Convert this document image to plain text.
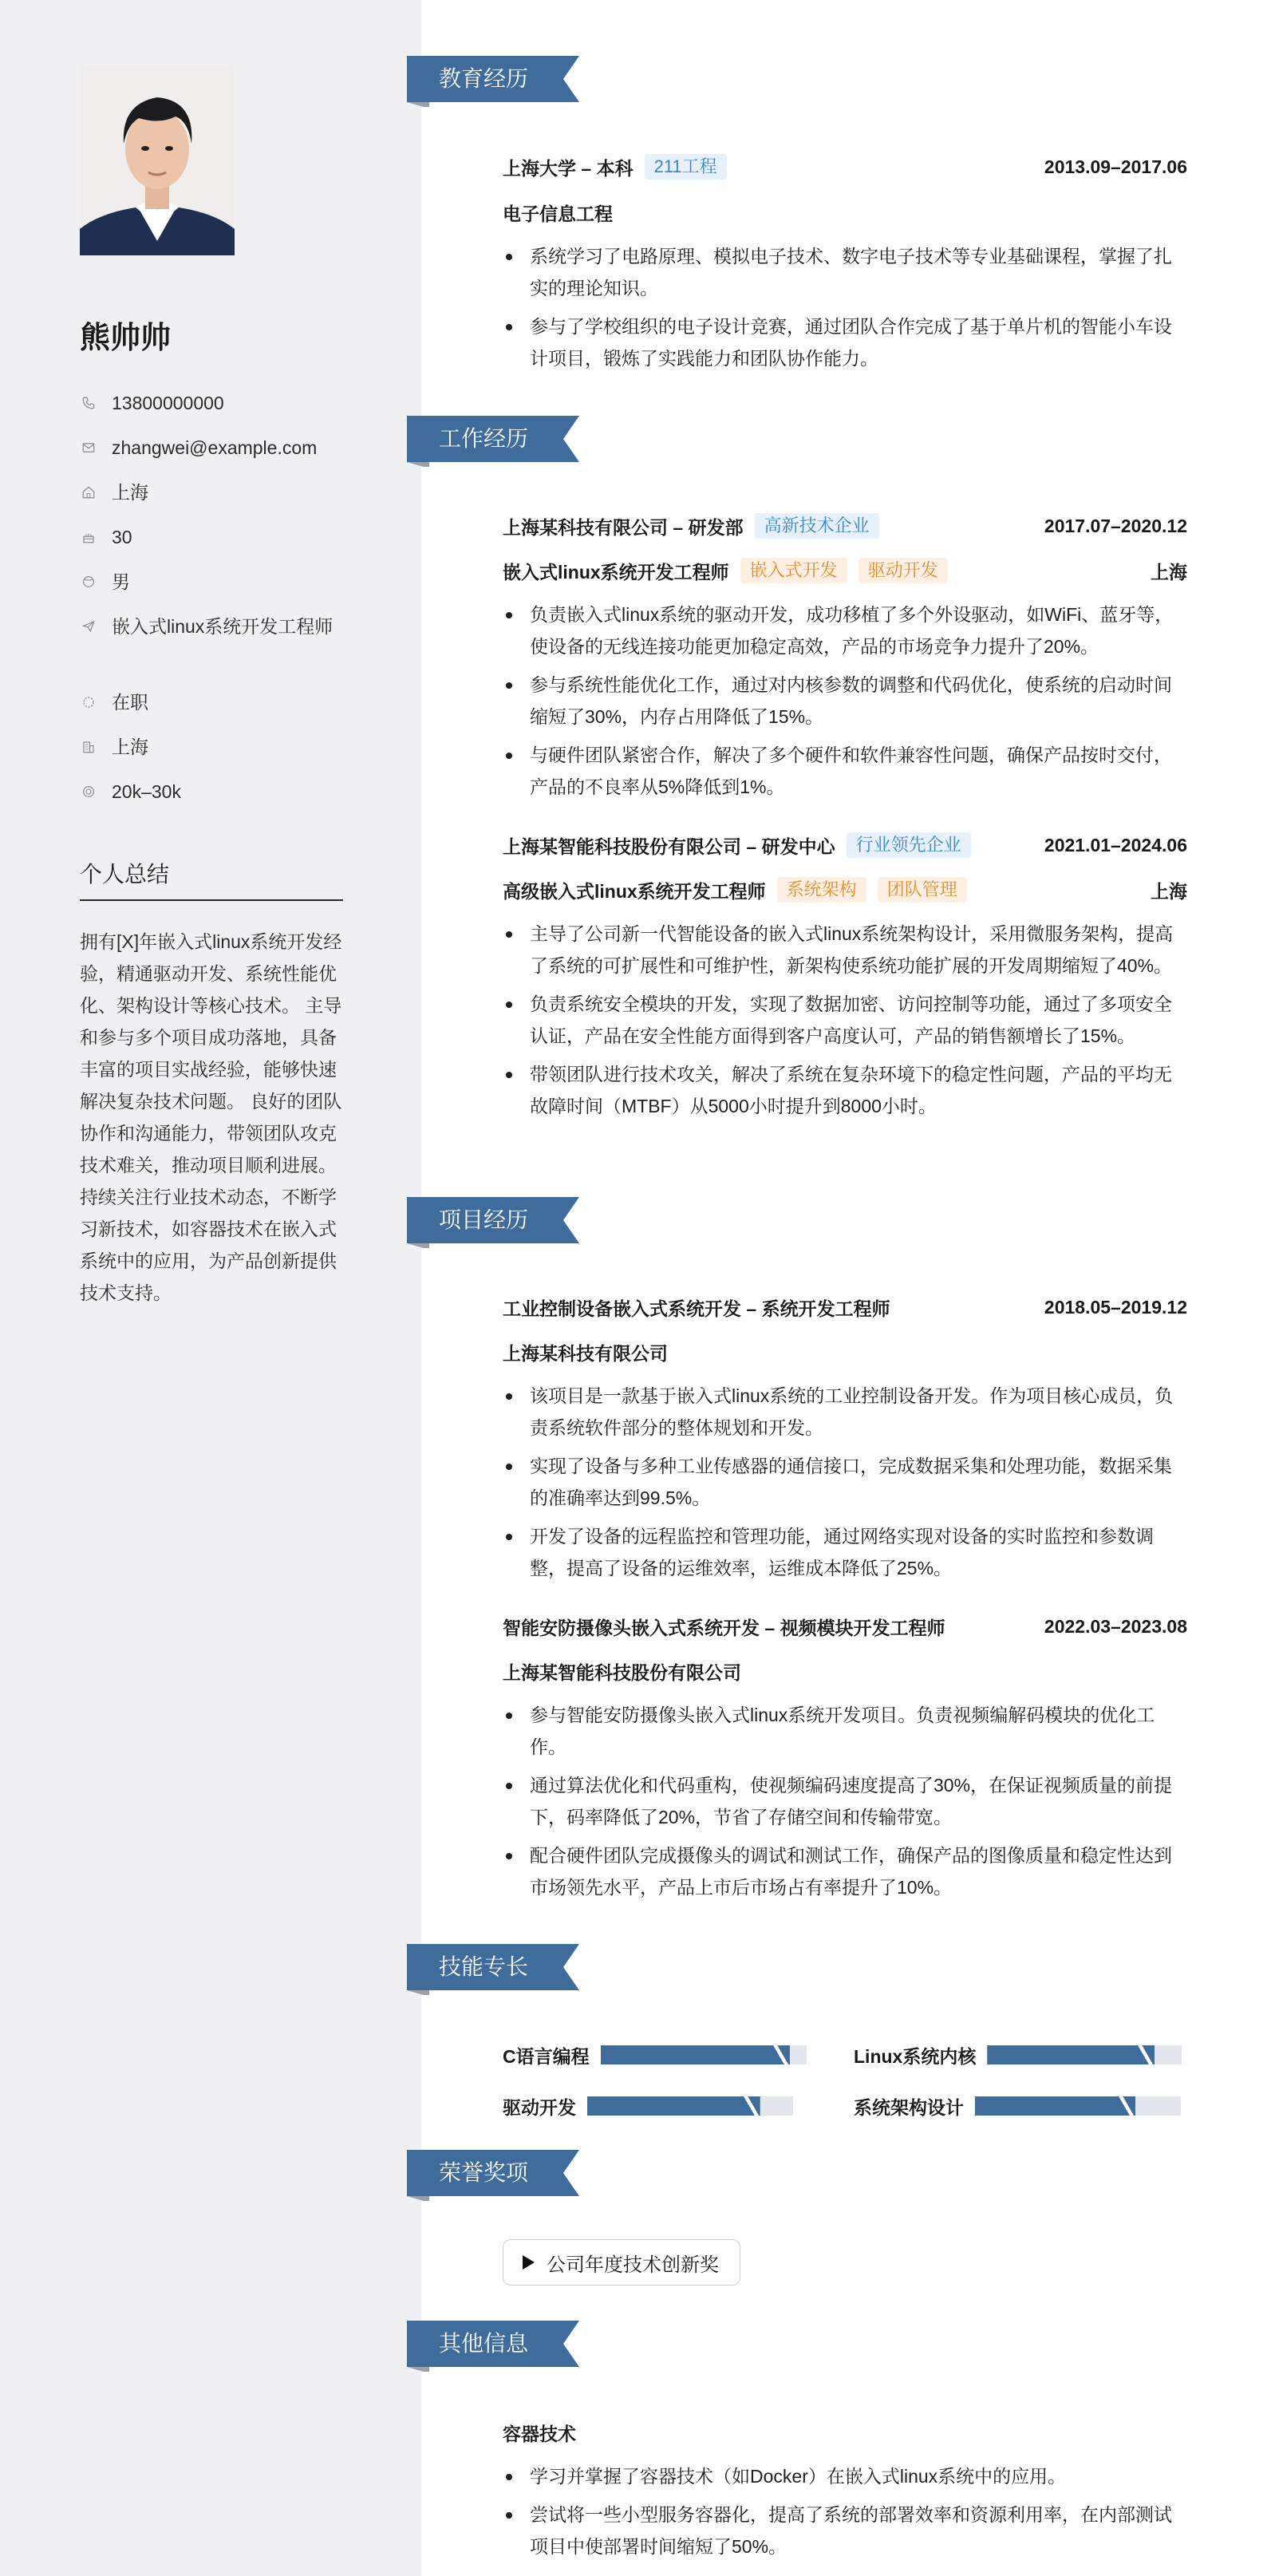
熊帅帅
13800000000
zhangwei@example.com
上海
30
男
嵌入式linux系统开发工程师
在职
上海
20k–30k
个人总结
拥有[X]年嵌入式linux系统开发经验，精通驱动开发、系统性能优化、架构设计等核心技术。 主导和参与多个项目成功落地，具备丰富的项目实战经验，能够快速解决复杂技术问题。 良好的团队协作和沟通能力，带领团队攻克技术难关，推动项目顺利进展。 持续关注行业技术动态，不断学习新技术，如容器技术在嵌入式系统中的应用，为产品创新提供技术支持。
教育经历
工作经历
项目经历
技能专长
荣誉奖项
其他信息
上海大学 – 本科	211工程	2013.09–2017.06
电子信息工程
系统学习了电路原理、模拟电子技术、数字电子技术等专业基础课程，掌握了扎实的理论知识。
参与了学校组织的电子设计竞赛，通过团队合作完成了基于单片机的智能小车设计项目，锻炼了实践能力和团队协作能力。
上海某科技有限公司 – 研发部	高新技术企业	2017.07–2020.12
嵌入式linux系统开发工程师	嵌入式开发	驱动开发	上海
负责嵌入式linux系统的驱动开发，成功移植了多个外设驱动，如WiFi、蓝牙等，使设备的无线连接功能更加稳定高效，产品的市场竞争力提升了20%。
参与系统性能优化工作，通过对内核参数的调整和代码优化，使系统的启动时间缩短了30%，内存占用降低了15%。
与硬件团队紧密合作，解决了多个硬件和软件兼容性问题，确保产品按时交付，产品的不良率从5%降低到1%。
上海某智能科技股份有限公司 – 研发中心	行业领先企业	2021.01–2024.06
高级嵌入式linux系统开发工程师	系统架构	团队管理	上海
主导了公司新一代智能设备的嵌入式linux系统架构设计，采用微服务架构，提高了系统的可扩展性和可维护性，新架构使系统功能扩展的开发周期缩短了40%。
负责系统安全模块的开发，实现了数据加密、访问控制等功能，通过了多项安全认证，产品在安全性能方面得到客户高度认可，产品的销售额增长了15%。
带领团队进行技术攻关，解决了系统在复杂环境下的稳定性问题，产品的平均无故障时间（MTBF）从5000小时提升到8000小时。
工业控制设备嵌入式系统开发 – 系统开发工程师	2018.05–2019.12
上海某科技有限公司
该项目是一款基于嵌入式linux系统的工业控制设备开发。作为项目核心成员，负责系统软件部分的整体规划和开发。
实现了设备与多种工业传感器的通信接口，完成数据采集和处理功能，数据采集的准确率达到99.5%。
开发了设备的远程监控和管理功能，通过网络实现对设备的实时监控和参数调整，提高了设备的运维效率，运维成本降低了25%。
智能安防摄像头嵌入式系统开发 – 视频模块开发工程师	2022.03–2023.08
上海某智能科技股份有限公司
参与智能安防摄像头嵌入式linux系统开发项目。负责视频编解码模块的优化工作。
通过算法优化和代码重构，使视频编码速度提高了30%，在保证视频质量的前提下，码率降低了20%，节省了存储空间和传输带宽。
配合硬件团队完成摄像头的调试和测试工作，确保产品的图像质量和稳定性达到市场领先水平，产品上市后市场占有率提升了10%。
C语言编程	Linux系统内核
驱动开发	系统架构设计
公司年度技术创新奖
容器技术
学习并掌握了容器技术（如Docker）在嵌入式linux系统中的应用。
尝试将一些小型服务容器化，提高了系统的部署效率和资源利用率，在内部测试项目中使部署时间缩短了50%。
